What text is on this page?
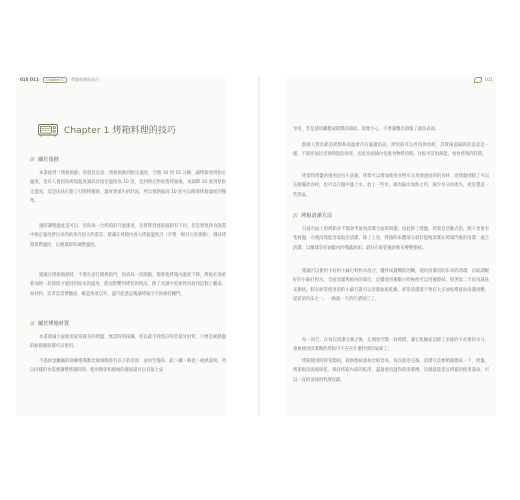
010 O11 Chapter 1 烤箱料理的技巧	011
Chapter 1 烤箱料理的技巧
/// 關於預熱
本書提到「烤箱預熱」的意思是指，烤箱預熱到指定溫度，空燒 10 到 15 分鐘，讓烤箱達到指定溫度。也有人會因爲烤箱溫度調高比指定溫度高 10 度，直到烤完物放進烤箱後，再調降 10 度到原指定溫度，這是因爲打開了打開烤箱時，溫度會流失的狀況，所以預熱偏高 10 度可以確保烤箱溫度的穩準。
適時調整溫度是可以，因爲每一台烤箱的升溫速度、及實際到達的溫箱有不同，若是發現與食譜書中指定溫度烤出來的結果有很大的落差，建議在烤箱內放入烤箱溫度計（市售一個百元有找喔），測試烤箱實際溫度，以便適時的調整溫度。
建議在烤箱預熱時，不要在意打開烤箱門，因爲每一次開啟，都會使烤箱內溫度下降，烤箱必須重新加熱一段時間才能回到原本的溫度，進而影響到烤焙的情況，除了食譜中需要烤再放到這個上翻桌，加材料，這者是需要翻面，確認熟度以外，盡可能過這後讓烤箱空空的維持關門。
/// 關於烤箱材質
本書建議大家使用家常就有的烤盤，無需特別採購，所以就不特別註明容量及材質，只要是耐熱盤的耐熱器皿都可以使用。
不過因金屬鍋的熱傳導係數比玻璃陶瓷有以下的差別：由快至慢爲：鋁＞鐵＞陶瓷＞耐熱玻璃，所以同樣的食需要調整烤箱時間。使用陶瓷和玻璃的器皿還可以直接上桌
享用，若是使用鐵製或鋁製的器皿，需要小心，不要讓餐具刮傷了器皿表面。
假使人對於鋁箔紙類和高溫會否有疑慮的話，烤焙前可以善用烘焙紙。其實兩面隔熱的這意是一樣，不過亮面比反射熱能的效率，因此亮面朝內包裹食物烤焙時，比較可反射熱能，加快烤熟的時間。
烤架和烤盤的運用也有小訣竅，烤架可以增加使用食物水分蒸發速度的的食材，而烤盤則除了可以直接擺放食材，也可以在盤中盛上水，放上一些水，做為隔水加熱之用，減少水分的流失，或是製造一些蒸氣。
/// 烤箱清潔方法
目前市面上的烤箱多半都會考量到清潔方面的問題，因此除了烤盤、烤架是活動式的，底下也會有集屑盤，方便清理能容易取出清潔，除了上述，烤箱的本體部分最好能後清潔在烤箱門後的清潔，適合清潔，以煉球等好滷燒內的殘蔬油垢，最好在晾乾後的軟布輕輕擦拭。
建議可以使用卡好的小蘇打粉和水混合，攪拌成濃稠狀的糊，使用清潔用的布來的清潔，沾取調配好的小蘇打粉水，全面清潔烤箱內的部位，這樣使用後數小時候便可以用後擦拭，接著第二天再用濕抹布擦拭，假有經常使用的的小蘇打就可以清潔油垢乾燥，經常清潔就不會有太多油垢殘留而清潔困難，提前的作法之一，一路就一天的污漬而已了。
每一回合，在每次清潔完畢之後，在開始空燒一段時間，讓它乾燥並消除了多餘的不必要的水分，重複使用清潔劑的烤箱可不存在什麼特別的氣味了。
烤箱使用時經常擦拭，趁熱擦拭油垢比較容易。每次使用完後，清潔只需要稍微擦拭一下，烤盤、烤架則清洗後晾乾，保持烤箱內部的乾淨，盡量使用溫和的清潔劑，這樣就能延長烤箱的使用壽命，可以一直給美味的料理貢獻。
